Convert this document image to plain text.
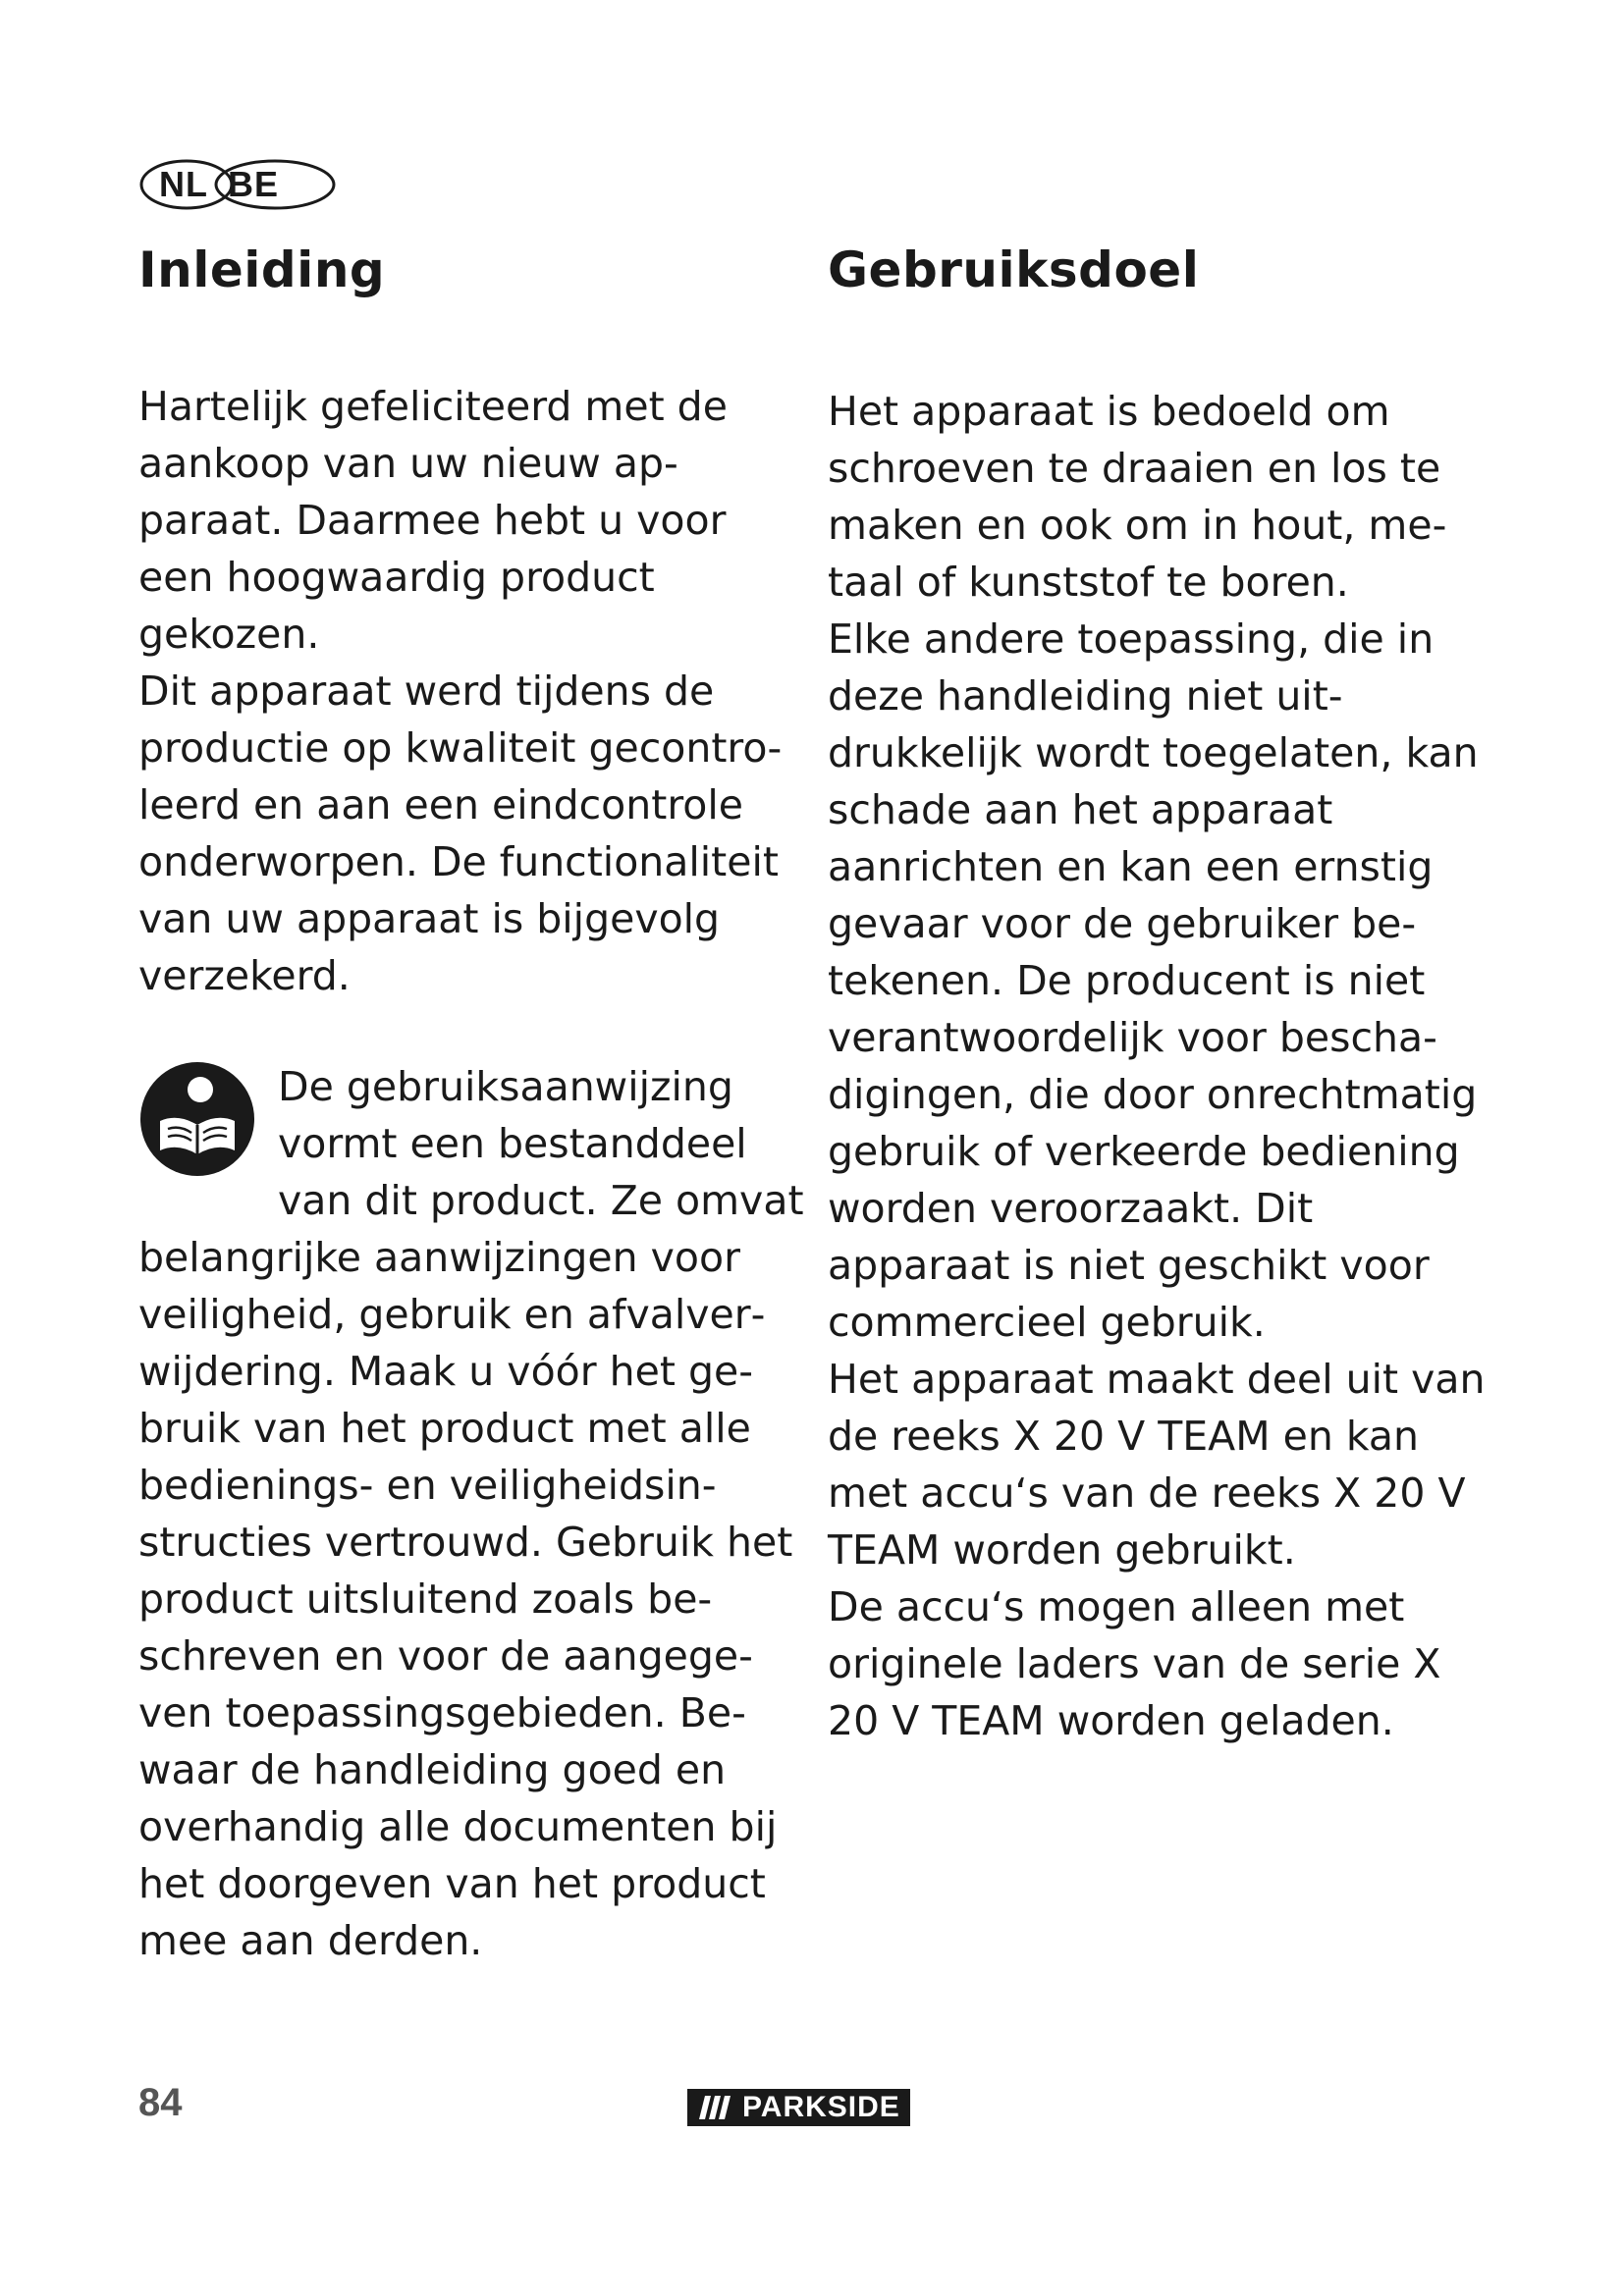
NL BE
Inleiding

Hartelijk gefeliciteerd met de aankoop van uw nieuw apparaat. Daarmee hebt u voor een hoogwaardig product gekozen.

Dit apparaat werd tijdens de productie op kwaliteit gecontroleerd en aan een eindcontrole onderworpen. De functionaliteit van uw apparaat is bijgevolg verzekerd.

De gebruiksaanwijzing vormt een bestanddeel van dit product. Ze omvat belangrijke aanwijzingen voor veiligheid, gebruik en afvalverwijdering. Maak u vóór het gebruik van het product met alle bedienings- en veiligheidsinstructies vertrouwd. Gebruik het product uitsluitend zoals beschreven en voor de aangegeven toepassingsgebieden. Bewaar de handleiding goed en overhandig alle documenten bij het doorgeven van het product mee aan derden.

Gebruiksdoel

Het apparaat is bedoeld om schroeven te draaien en los te maken en ook om in hout, metaal of kunststof te boren.

Elke andere toepassing, die in deze handleiding niet uitdrukkelijk wordt toegelaten, kan schade aan het apparaat aanrichten en kan een ernstig gevaar voor de gebruiker betekenen. De producent is niet verantwoordelijk voor beschadigingen, die door onrechtmatig gebruik of verkeerde bediening worden veroorzaakt. Dit apparaat is niet geschikt voor commercieel gebruik.

Het apparaat maakt deel uit van de reeks X 20 V TEAM en kan met accu‘s van de reeks X 20 V TEAM worden gebruikt.

De accu‘s mogen alleen met originele laders van de serie X 20 V TEAM worden geladen.

84	PARKSIDE
